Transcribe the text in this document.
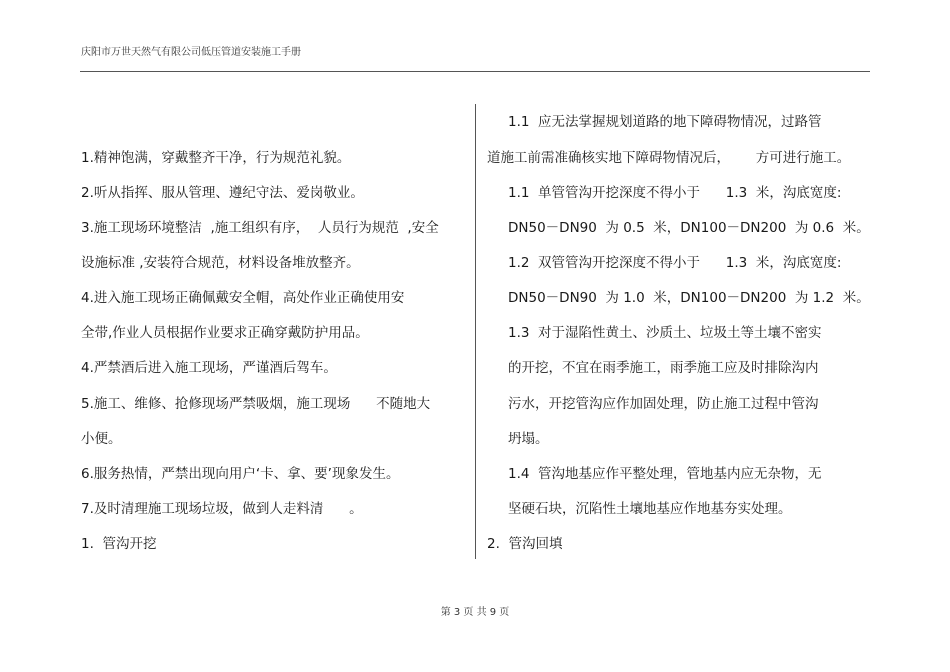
庆阳市万世天然气有限公司低压管道安装施工手册
1.精神饱满，穿戴整齐干净，行为规范礼貌。
2.听从指挥、服从管理、遵纪守法、爱岗敬业。
3.施工现场环境整洁  ,施工组织有序，  人员行为规范  ,安全
设施标准 ,安装符合规范，材料设备堆放整齐。
4.进入施工现场正确佩戴安全帽，高处作业正确使用安
全带,作业人员根据作业要求正确穿戴防护用品。
4.严禁酒后进入施工现场，严谨酒后驾车。
5.施工、维修、抢修现场严禁吸烟，施工现场      不随地大
小便。
6.服务热情，严禁出现向用户‘卡、拿、要’现象发生。
7.及时清理施工现场垃圾，做到人走料清      。
1.  管沟开挖
1.1  应无法掌握规划道路的地下障碍物情况，过路管
道施工前需准确核实地下障碍物情况后，      方可进行施工。
1.1  单管管沟开挖深度不得小于      1.3  米，沟底宽度:
DN50－DN90  为 0.5  米，DN100－DN200  为 0.6  米。
1.2  双管管沟开挖深度不得小于      1.3  米，沟底宽度:
DN50－DN90  为 1.0  米，DN100－DN200  为 1.2  米。
1.3  对于湿陷性黄土、沙质土、垃圾土等土壤不密实
的开挖，不宜在雨季施工，雨季施工应及时排除沟内
污水，开挖管沟应作加固处理，防止施工过程中管沟
坍塌。
1.4  管沟地基应作平整处理，管地基内应无杂物，无
坚硬石块，沉陷性土壤地基应作地基夯实处理。
2.  管沟回填
第 3 页 共 9 页
